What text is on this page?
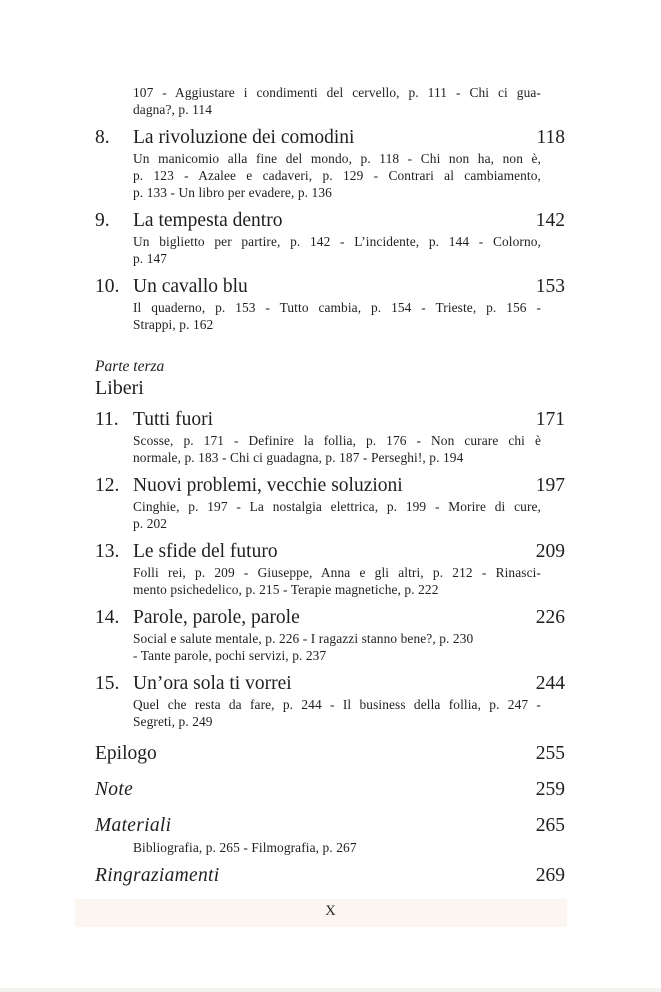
107 - Aggiustare i condimenti del cervello, p. 111 - Chi ci gua-
dagna?, p. 114
8.	La rivoluzione dei comodini	118
Un manicomio alla fine del mondo, p. 118 - Chi non ha, non è,
p. 123 - Azalee e cadaveri, p. 129 - Contrari al cambiamento,
p. 133 - Un libro per evadere, p. 136
9.	La tempesta dentro	142
Un biglietto per partire, p. 142 - L’incidente, p. 144 - Colorno,
p. 147
10. Un cavallo blu	153
Il quaderno, p. 153 - Tutto cambia, p. 154 - Trieste, p. 156 -
Strappi, p. 162
Parte terza
Liberi
11. Tutti fuori	171
Scosse, p. 171 - Definire la follia, p. 176 - Non curare chi è
normale, p. 183 - Chi ci guadagna, p. 187 - Perseghi!, p. 194
12. Nuovi problemi, vecchie soluzioni	197
Cinghie, p. 197 - La nostalgia elettrica, p. 199 - Morire di cure,
p. 202
13. Le sfide del futuro	209
Folli rei, p. 209 - Giuseppe, Anna e gli altri, p. 212 - Rinasci-
mento psichedelico, p. 215 - Terapie magnetiche, p. 222
14. Parole, parole, parole	226
Social e salute mentale, p. 226 - I ragazzi stanno bene?, p. 230
- Tante parole, pochi servizi, p. 237
15. Un’ora sola ti vorrei	244
Quel che resta da fare, p. 244 - Il business della follia, p. 247 -
Segreti, p. 249
Epilogo	255
Note	259
Materiali	265
Bibliografia, p. 265 - Filmografia, p. 267
Ringraziamenti	269
X
